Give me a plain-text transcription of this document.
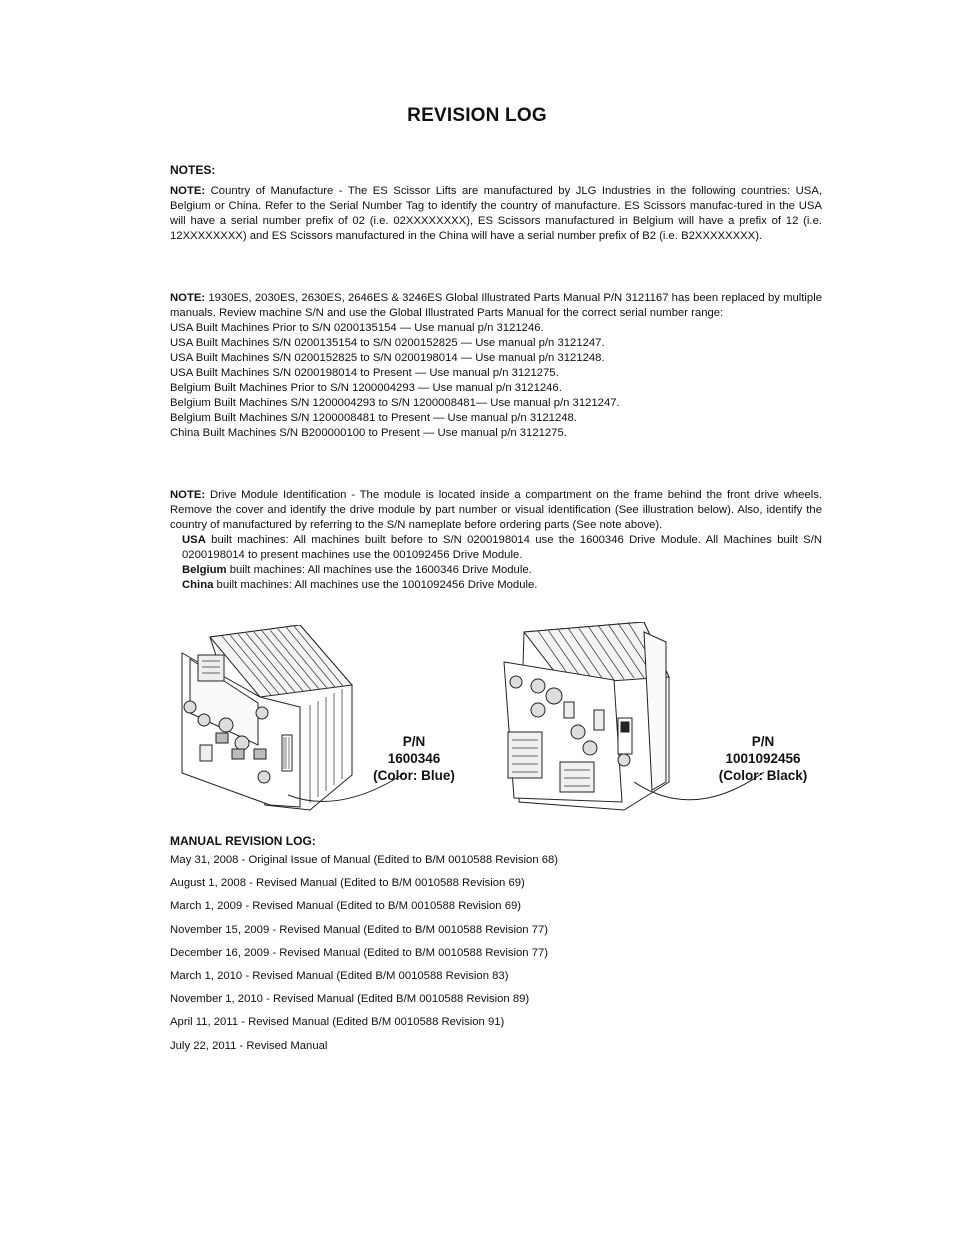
REVISION LOG
NOTES:
NOTE: Country of Manufacture - The ES Scissor Lifts are manufactured by JLG Industries in the following countries: USA, Belgium or China. Refer to the Serial Number Tag to identify the country of manufacture. ES Scissors manufac-tured in the USA will have a serial number prefix of 02 (i.e. 02XXXXXXXX), ES Scissors manufactured in Belgium will have a prefix of 12 (i.e. 12XXXXXXXX) and ES Scissors manufactured in the China will have a serial number prefix of B2 (i.e. B2XXXXXXXX).
NOTE: 1930ES, 2030ES, 2630ES, 2646ES & 3246ES Global Illustrated Parts Manual P/N 3121167 has been replaced by multiple manuals. Review machine S/N and use the Global Illustrated Parts Manual for the correct serial number range:
USA Built Machines Prior to S/N 0200135154 — Use manual p/n 3121246.
USA Built Machines S/N 0200135154 to S/N 0200152825 — Use manual p/n 3121247.
USA Built Machines S/N 0200152825 to S/N 0200198014 — Use manual p/n 3121248.
USA Built Machines S/N 0200198014 to Present — Use manual p/n 3121275.
Belgium Built Machines Prior to S/N 1200004293 — Use manual p/n 3121246.
Belgium Built Machines S/N 1200004293 to S/N 1200008481— Use manual p/n 3121247.
Belgium Built Machines S/N 1200008481 to Present — Use manual p/n 3121248.
China Built Machines S/N B200000100 to Present — Use manual p/n 3121275.
NOTE: Drive Module Identification - The module is located inside a compartment on the frame behind the front drive wheels. Remove the cover and identify the drive module by part number or visual identification (See illustration below). Also, identify the country of manufactured by referring to the S/N nameplate before ordering parts (See note above).
USA built machines: All machines built before to S/N 0200198014 use the 1600346 Drive Module. All Machines built S/N 0200198014 to present machines use the 001092456 Drive Module.
Belgium built machines: All machines use the 1600346 Drive Module.
China built machines: All machines use the 1001092456 Drive Module.
P/N
1600346
(Color: Blue)
P/N
1001092456
(Color: Black)
MANUAL REVISION LOG:
May 31, 2008 - Original Issue of Manual (Edited to B/M 0010588 Revision 68)
August 1, 2008 - Revised Manual (Edited to B/M 0010588 Revision 69)
March 1, 2009 - Revised Manual (Edited to B/M 0010588 Revision 69)
November 15, 2009 - Revised Manual (Edited to B/M 0010588 Revision 77)
December 16, 2009 - Revised Manual (Edited to B/M 0010588 Revision 77)
March 1, 2010 - Revised Manual (Edited B/M 0010588 Revision 83)
November 1, 2010 - Revised Manual (Edited B/M 0010588 Revision 89)
April 11, 2011 - Revised Manual (Edited B/M 0010588 Revision 91)
July 22, 2011 - Revised Manual
